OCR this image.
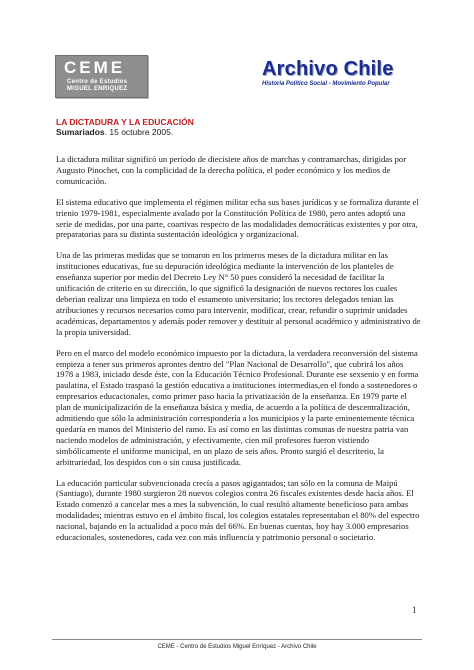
CEME
Centro de Estudios
MIGUEL ENRIQUEZ
Archivo Chile
Historia Político Social - Movimiento Popular
LA DICTADURA Y LA EDUCACIÓN
Sumariados. 15 octubre 2005.

La dictadura militar significó un período de diecisiete años de marchas y contramarchas, dirigidas por Augusto Pinochet, con la complicidad de la derecha política, el poder económico y los medios de comunicación.

El sistema educativo que implementa el régimen militar echa sus bases jurídicas y se formaliza durante el trienio 1979-1981, especialmente avalado por la Constitución Política de 1980, pero antes adoptó una serie de medidas, por una parte, coartivas respecto de las modalidades democráticas existentes y por otra, preparatorias para su distinta sustentación ideológica y organizacional.

Una de las primeras medidas que se tomaron en los primeros meses de la dictadura militar en las instituciones educativas, fue su depuración ideológica mediante la intervención de los planteles de enseñanza superior por medio del Decreto Ley N° 50 pues consideró la necesidad de facilitar la unificación de criterio en su dirección, lo que significó la designación de nuevos rectores los cuales deberian realizar una limpieza en todo el estamento universitario; los rectores delegados tenian las atribuciones y recursos necesarios como para intervenir, modificar, crear, refundir o suprimir unidades académicas, departamentos y además poder remover y destituir al personal académico y administrativo de la propia universidad.

Pero en el marco del modelo económico impuesto por la dictadura, la verdadera reconversión del sistema empieza a tener sus primeros aprontes dentro del "Plan Nacional de Desarrollo", que cubrirá los años 1978 a 1983, iniciado desde éste, con la Educación Técnico Profesional. Durante ese sexsenio y en forma paulatina, el Estado traspasó la gestión educativa a instituciones intermedias,en el fondo a sostenedores o empresarios educacionales, como primer paso hacia la privatización de la enseñanza. En 1979 parte el plan de municipalización de la enseñanza básica y media, de acuerdo a la política de descentralización, admitiendo que sólo la administración correspondería a los municipios y la parte eminentemente técnica quedaría en manos del Ministerio del ramo. Es así como en las distintas comunas de nuestra patria van naciendo modelos de administración, y efectivamente, cien mil profesores fueron vistiendo simbólicamente el uniforme municipal, en un plazo de seis años. Pronto surgió el descriterio, la arbitrariedad, los despidos con o sin causa justificada.

La educación particular subvencionada crecía a pasos agigantados; tan sólo en la comuna de Maipú (Santiago), durante 1980 surgieron 28 nuevos colegios contra 26 fiscales existentes desde hacia años. El Estado comenzó a cancelar mes a mes la subvención, lo cual resultó altamente beneficioso para ambas modalidades; mientras estuvo en el ámbito fiscal, los colegios estatales representaban el 80% del espectro nacional, bajando en la actualidad a poco más del 66%. En buenas cuentas, hoy hay 3.000 empresarios educacionales, sostenedores, cada vez con más influencia y patrimonio personal o societario.

1
CEME - Centro de Estudios Miguel Enríquez - Archivo Chile
